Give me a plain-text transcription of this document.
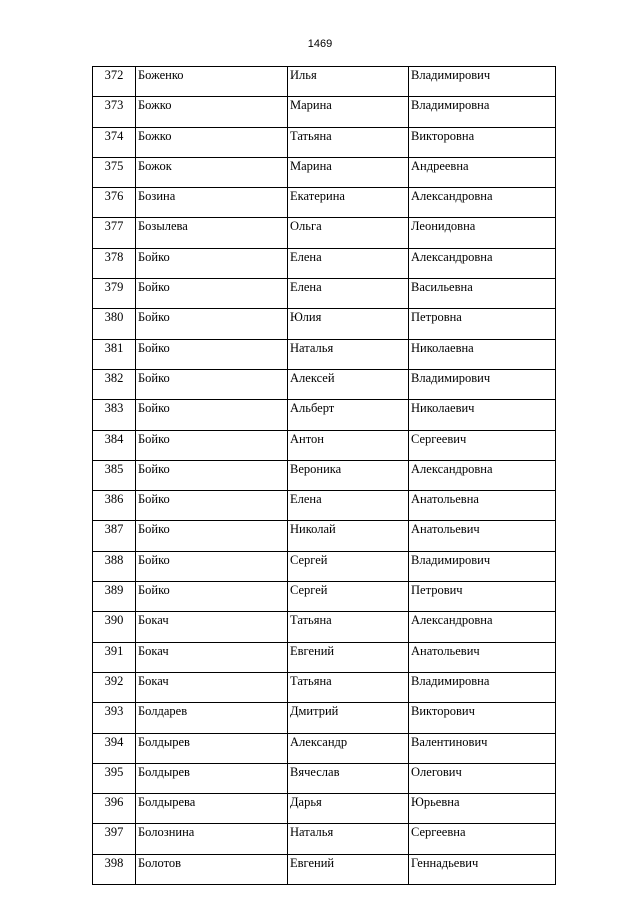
1469
372	Боженко	Илья	Владимирович
373	Божко	Марина	Владимировна
374	Божко	Татьяна	Викторовна
375	Божок	Марина	Андреевна
376	Бозина	Екатерина	Александровна
377	Бозылева	Ольга	Леонидовна
378	Бойко	Елена	Александровна
379	Бойко	Елена	Васильевна
380	Бойко	Юлия	Петровна
381	Бойко	Наталья	Николаевна
382	Бойко	Алексей	Владимирович
383	Бойко	Альберт	Николаевич
384	Бойко	Антон	Сергеевич
385	Бойко	Вероника	Александровна
386	Бойко	Елена	Анатольевна
387	Бойко	Николай	Анатольевич
388	Бойко	Сергей	Владимирович
389	Бойко	Сергей	Петрович
390	Бокач	Татьяна	Александровна
391	Бокач	Евгений	Анатольевич
392	Бокач	Татьяна	Владимировна
393	Болдарев	Дмитрий	Викторович
394	Болдырев	Александр	Валентинович
395	Болдырев	Вячеслав	Олегович
396	Болдырева	Дарья	Юрьевна
397	Болознина	Наталья	Сергеевна
398	Болотов	Евгений	Геннадьевич
